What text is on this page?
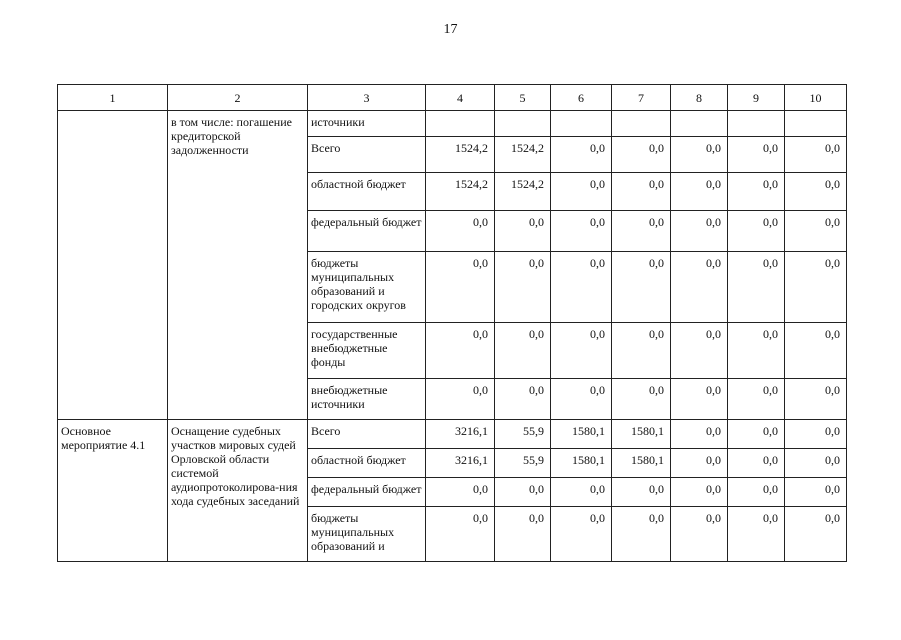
17
1	2	3	4	5	6	7	8	9	10
	в том числе: погашение кредиторской задолженности	источники							
		Всего	1524,2	1524,2	0,0	0,0	0,0	0,0	0,0
		областной бюджет	1524,2	1524,2	0,0	0,0	0,0	0,0	0,0
		федеральный бюджет	0,0	0,0	0,0	0,0	0,0	0,0	0,0
		бюджеты муниципальных образований и городских округов	0,0	0,0	0,0	0,0	0,0	0,0	0,0
		государственные внебюджетные фонды	0,0	0,0	0,0	0,0	0,0	0,0	0,0
		внебюджетные источники	0,0	0,0	0,0	0,0	0,0	0,0	0,0
Основное мероприятие 4.1	Оснащение судебных участков мировых судей Орловской области системой аудиопротоколирова-ния хода судебных заседаний	Всего	3216,1	55,9	1580,1	1580,1	0,0	0,0	0,0
		областной бюджет	3216,1	55,9	1580,1	1580,1	0,0	0,0	0,0
		федеральный бюджет	0,0	0,0	0,0	0,0	0,0	0,0	0,0
		бюджеты муниципальных образований и	0,0	0,0	0,0	0,0	0,0	0,0	0,0
